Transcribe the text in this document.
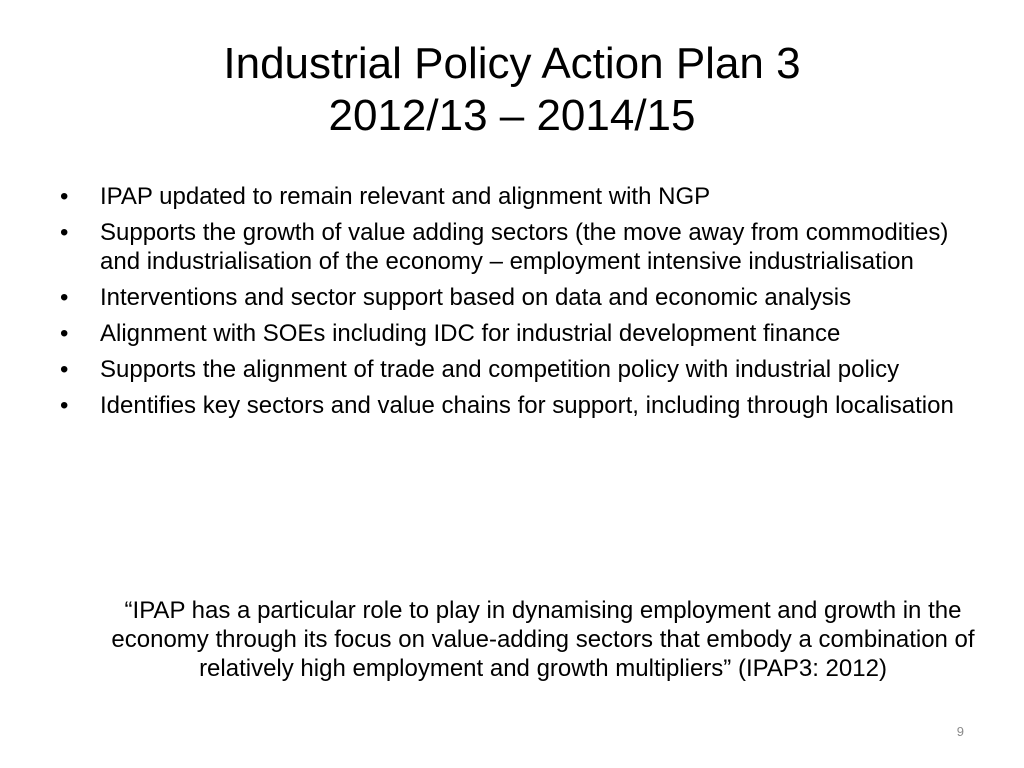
Industrial Policy Action Plan 3
2012/13 – 2014/15
•	IPAP updated to remain relevant and alignment with NGP
•	Supports the growth of value adding sectors (the move away from commodities) and industrialisation of the economy – employment intensive industrialisation
•	Interventions and sector support based on data and economic analysis
•	Alignment with SOEs including IDC for industrial development finance
•	Supports the alignment of trade and competition policy with industrial policy
•	Identifies key sectors and value chains for support, including through localisation

“IPAP has a particular role to play in dynamising employment and growth in the economy through its focus on value-adding sectors that embody a combination of relatively high employment and growth multipliers” (IPAP3: 2012)

9
